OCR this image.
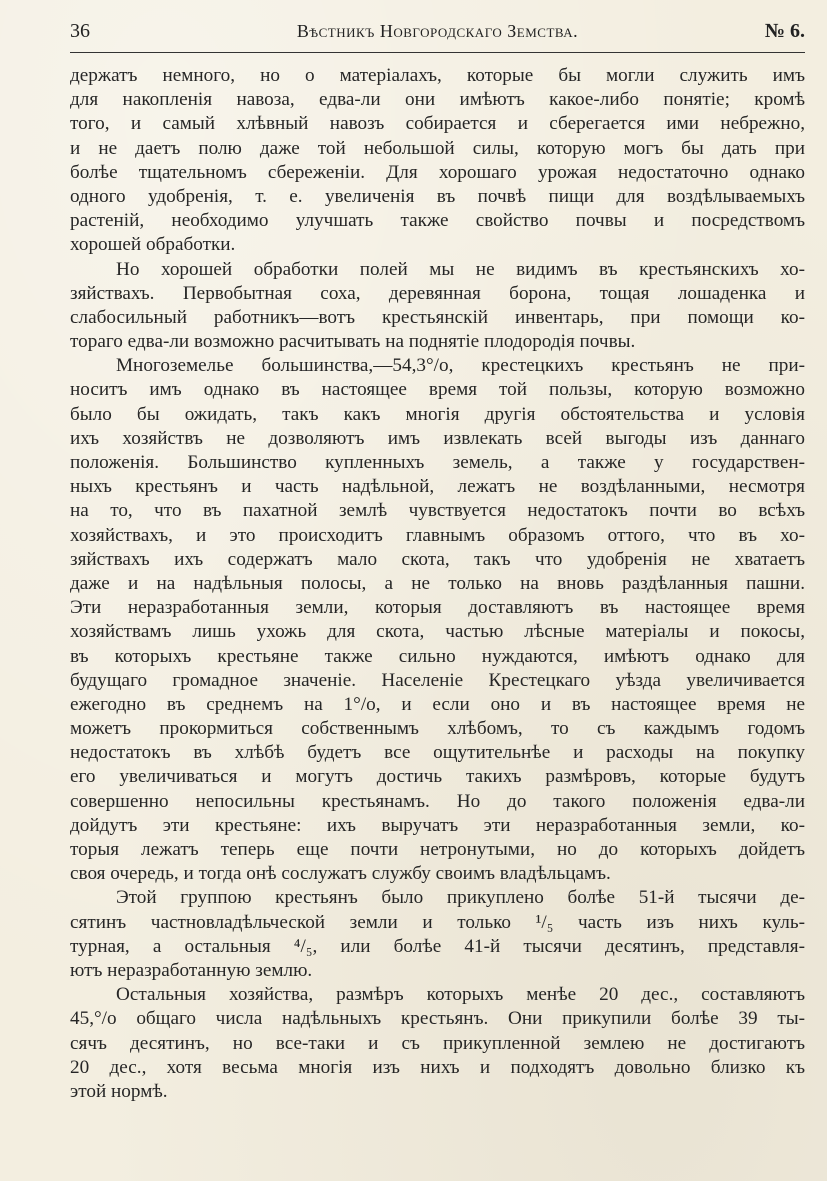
36	Вѣстникъ Новгородскаго Земства.	№ 6.
держатъ немного, но о матеріалахъ, которые бы могли служить имъ
для накопленія навоза, едва-ли они имѣютъ какое-либо понятіе; кромѣ
того, и самый хлѣвный навозъ собирается и сберегается ими небрежно,
и не даетъ полю даже той небольшой силы, которую могъ бы дать при
болѣе тщательномъ сбереженіи. Для хорошаго урожая недостаточно однако
одного удобренія, т. е. увеличенія въ почвѣ пищи для воздѣлываемыхъ
растеній, необходимо улучшать также свойство почвы и посредствомъ
хорошей обработки.
Но хорошей обработки полей мы не видимъ въ крестьянскихъ хо-
зяйствахъ. Первобытная соха, деревянная борона, тощая лошаденка и
слабосильный работникъ—вотъ крестьянскій инвентарь, при помощи ко-
тораго едва-ли возможно расчитывать на поднятіе плодородія почвы.
Многоземелье большинства,—54,3°/o, крестецкихъ крестьянъ не при-
носитъ имъ однако въ настоящее время той пользы, которую возможно
было бы ожидать, такъ какъ многія другія обстоятельства и условія
ихъ хозяйствъ не дозволяютъ имъ извлекать всей выгоды изъ даннаго
положенія. Большинство купленныхъ земель, а также у государствен-
ныхъ крестьянъ и часть надѣльной, лежатъ не воздѣланными, несмотря
на то, что въ пахатной землѣ чувствуется недостатокъ почти во всѣхъ
хозяйствахъ, и это происходитъ главнымъ образомъ оттого, что въ хо-
зяйствахъ ихъ содержатъ мало скота, такъ что удобренія не хватаетъ
даже и на надѣльныя полосы, а не только на вновь раздѣланныя пашни.
Эти неразработанныя земли, которыя доставляютъ въ настоящее время
хозяйствамъ лишь ухожь для скота, частью лѣсные матеріалы и покосы,
въ которыхъ крестьяне также сильно нуждаются, имѣютъ однако для
будущаго громадное значеніе. Населеніе Крестецкаго уѣзда увеличивается
ежегодно въ среднемъ на 1°/o, и если оно и въ настоящее время не
можетъ прокормиться собственнымъ хлѣбомъ, то съ каждымъ годомъ
недостатокъ въ хлѣбѣ будетъ все ощутительнѣе и расходы на покупку
его увеличиваться и могутъ достичь такихъ размѣровъ, которые будутъ
совершенно непосильны крестьянамъ. Но до такого положенія едва-ли
дойдутъ эти крестьяне: ихъ выручатъ эти неразработанныя земли, ко-
торыя лежатъ теперь еще почти нетронутыми, но до которыхъ дойдетъ
своя очередь, и тогда онѣ сослужатъ службу своимъ владѣльцамъ.
Этой группою крестьянъ было прикуплено болѣе 51-й тысячи де-
сятинъ частновладѣльческой земли и только ¹/₅ часть изъ нихъ куль-
турная, а остальныя ⁴/₅, или болѣе 41-й тысячи десятинъ, представля-
ютъ неразработанную землю.
Остальныя хозяйства, размѣръ которыхъ менѣе 20 дес., составляютъ
45,°/o общаго числа надѣльныхъ крестьянъ. Они прикупили болѣе 39 ты-
сячъ десятинъ, но все-таки и съ прикупленной землею не достигаютъ
20 дес., хотя весьма многія изъ нихъ и подходятъ довольно близко къ
этой нормѣ.
